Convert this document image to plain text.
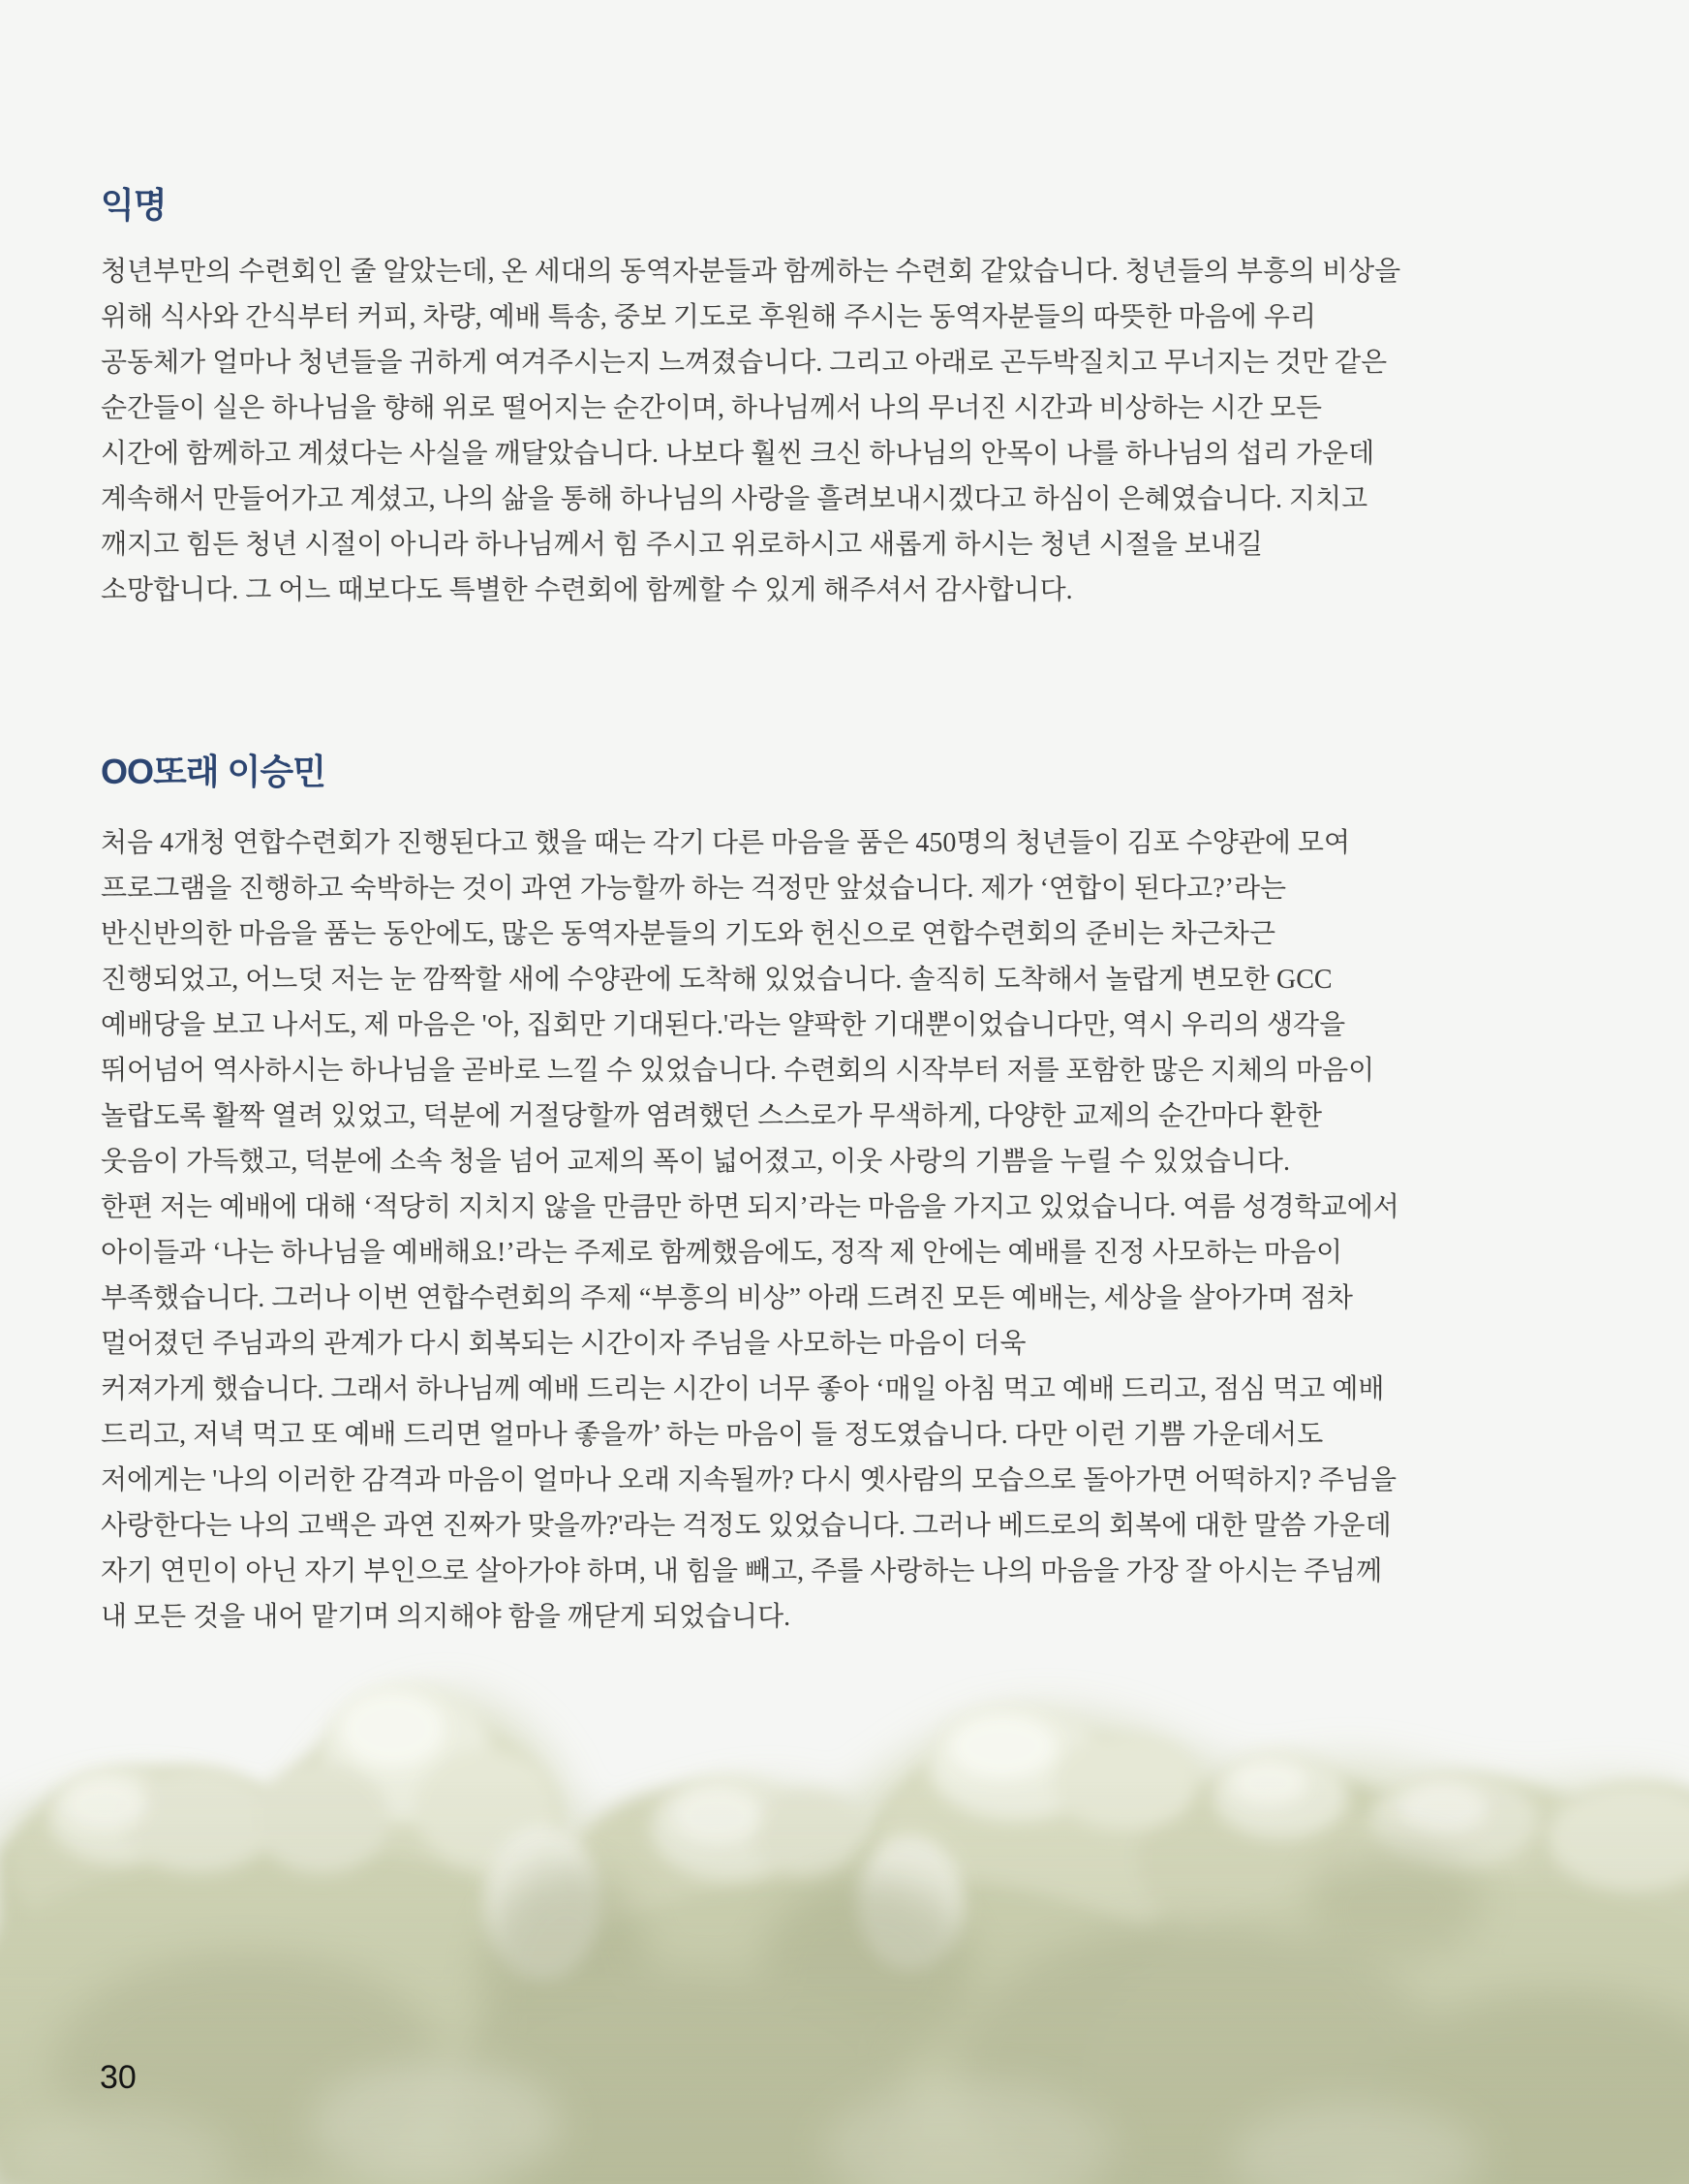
익명

청년부만의 수련회인 줄 알았는데, 온 세대의 동역자분들과 함께하는 수련회 같았습니다. 청년들의 부흥의 비상을
위해 식사와 간식부터 커피, 차량, 예배 특송, 중보 기도로 후원해 주시는 동역자분들의 따뜻한 마음에 우리
공동체가 얼마나 청년들을 귀하게 여겨주시는지 느껴졌습니다. 그리고 아래로 곤두박질치고 무너지는 것만 같은
순간들이 실은 하나님을 향해 위로 떨어지는 순간이며, 하나님께서 나의 무너진 시간과 비상하는 시간 모든
시간에 함께하고 계셨다는 사실을 깨달았습니다. 나보다 훨씬 크신 하나님의 안목이 나를 하나님의 섭리 가운데
계속해서 만들어가고 계셨고, 나의 삶을 통해 하나님의 사랑을 흘려보내시겠다고 하심이 은혜였습니다. 지치고
깨지고 힘든 청년 시절이 아니라 하나님께서 힘 주시고 위로하시고 새롭게 하시는 청년 시절을 보내길
소망합니다. 그 어느 때보다도 특별한 수련회에 함께할 수 있게 해주셔서 감사합니다.

OO또래 이승민

처음 4개청 연합수련회가 진행된다고 했을 때는 각기 다른 마음을 품은 450명의 청년들이 김포 수양관에 모여
프로그램을 진행하고 숙박하는 것이 과연 가능할까 하는 걱정만 앞섰습니다. 제가 ‘연합이 된다고?’라는
반신반의한 마음을 품는 동안에도, 많은 동역자분들의 기도와 헌신으로 연합수련회의 준비는 차근차근
진행되었고, 어느덧 저는 눈 깜짝할 새에 수양관에 도착해 있었습니다. 솔직히 도착해서 놀랍게 변모한 GCC
예배당을 보고 나서도, 제 마음은 '아, 집회만 기대된다.'라는 얄팍한 기대뿐이었습니다만, 역시 우리의 생각을
뛰어넘어 역사하시는 하나님을 곧바로 느낄 수 있었습니다. 수련회의 시작부터 저를 포함한 많은 지체의 마음이
놀랍도록 활짝 열려 있었고, 덕분에 거절당할까 염려했던 스스로가 무색하게, 다양한 교제의 순간마다 환한
웃음이 가득했고, 덕분에 소속 청을 넘어 교제의 폭이 넓어졌고, 이웃 사랑의 기쁨을 누릴 수 있었습니다.
한편 저는 예배에 대해 ‘적당히 지치지 않을 만큼만 하면 되지’라는 마음을 가지고 있었습니다. 여름 성경학교에서
아이들과 ‘나는 하나님을 예배해요!’라는 주제로 함께했음에도, 정작 제 안에는 예배를 진정 사모하는 마음이
부족했습니다. 그러나 이번 연합수련회의 주제 “부흥의 비상” 아래 드려진 모든 예배는, 세상을 살아가며 점차
멀어졌던 주님과의 관계가 다시 회복되는 시간이자 주님을 사모하는 마음이 더욱
커져가게 했습니다. 그래서 하나님께 예배 드리는 시간이 너무 좋아 ‘매일 아침 먹고 예배 드리고, 점심 먹고 예배
드리고, 저녁 먹고 또 예배 드리면 얼마나 좋을까’ 하는 마음이 들 정도였습니다. 다만 이런 기쁨 가운데서도
저에게는 '나의 이러한 감격과 마음이 얼마나 오래 지속될까? 다시 옛사람의 모습으로 돌아가면 어떡하지? 주님을
사랑한다는 나의 고백은 과연 진짜가 맞을까?'라는 걱정도 있었습니다. 그러나 베드로의 회복에 대한 말씀 가운데
자기 연민이 아닌 자기 부인으로 살아가야 하며, 내 힘을 빼고, 주를 사랑하는 나의 마음을 가장 잘 아시는 주님께
내 모든 것을 내어 맡기며 의지해야 함을 깨닫게 되었습니다.

30
